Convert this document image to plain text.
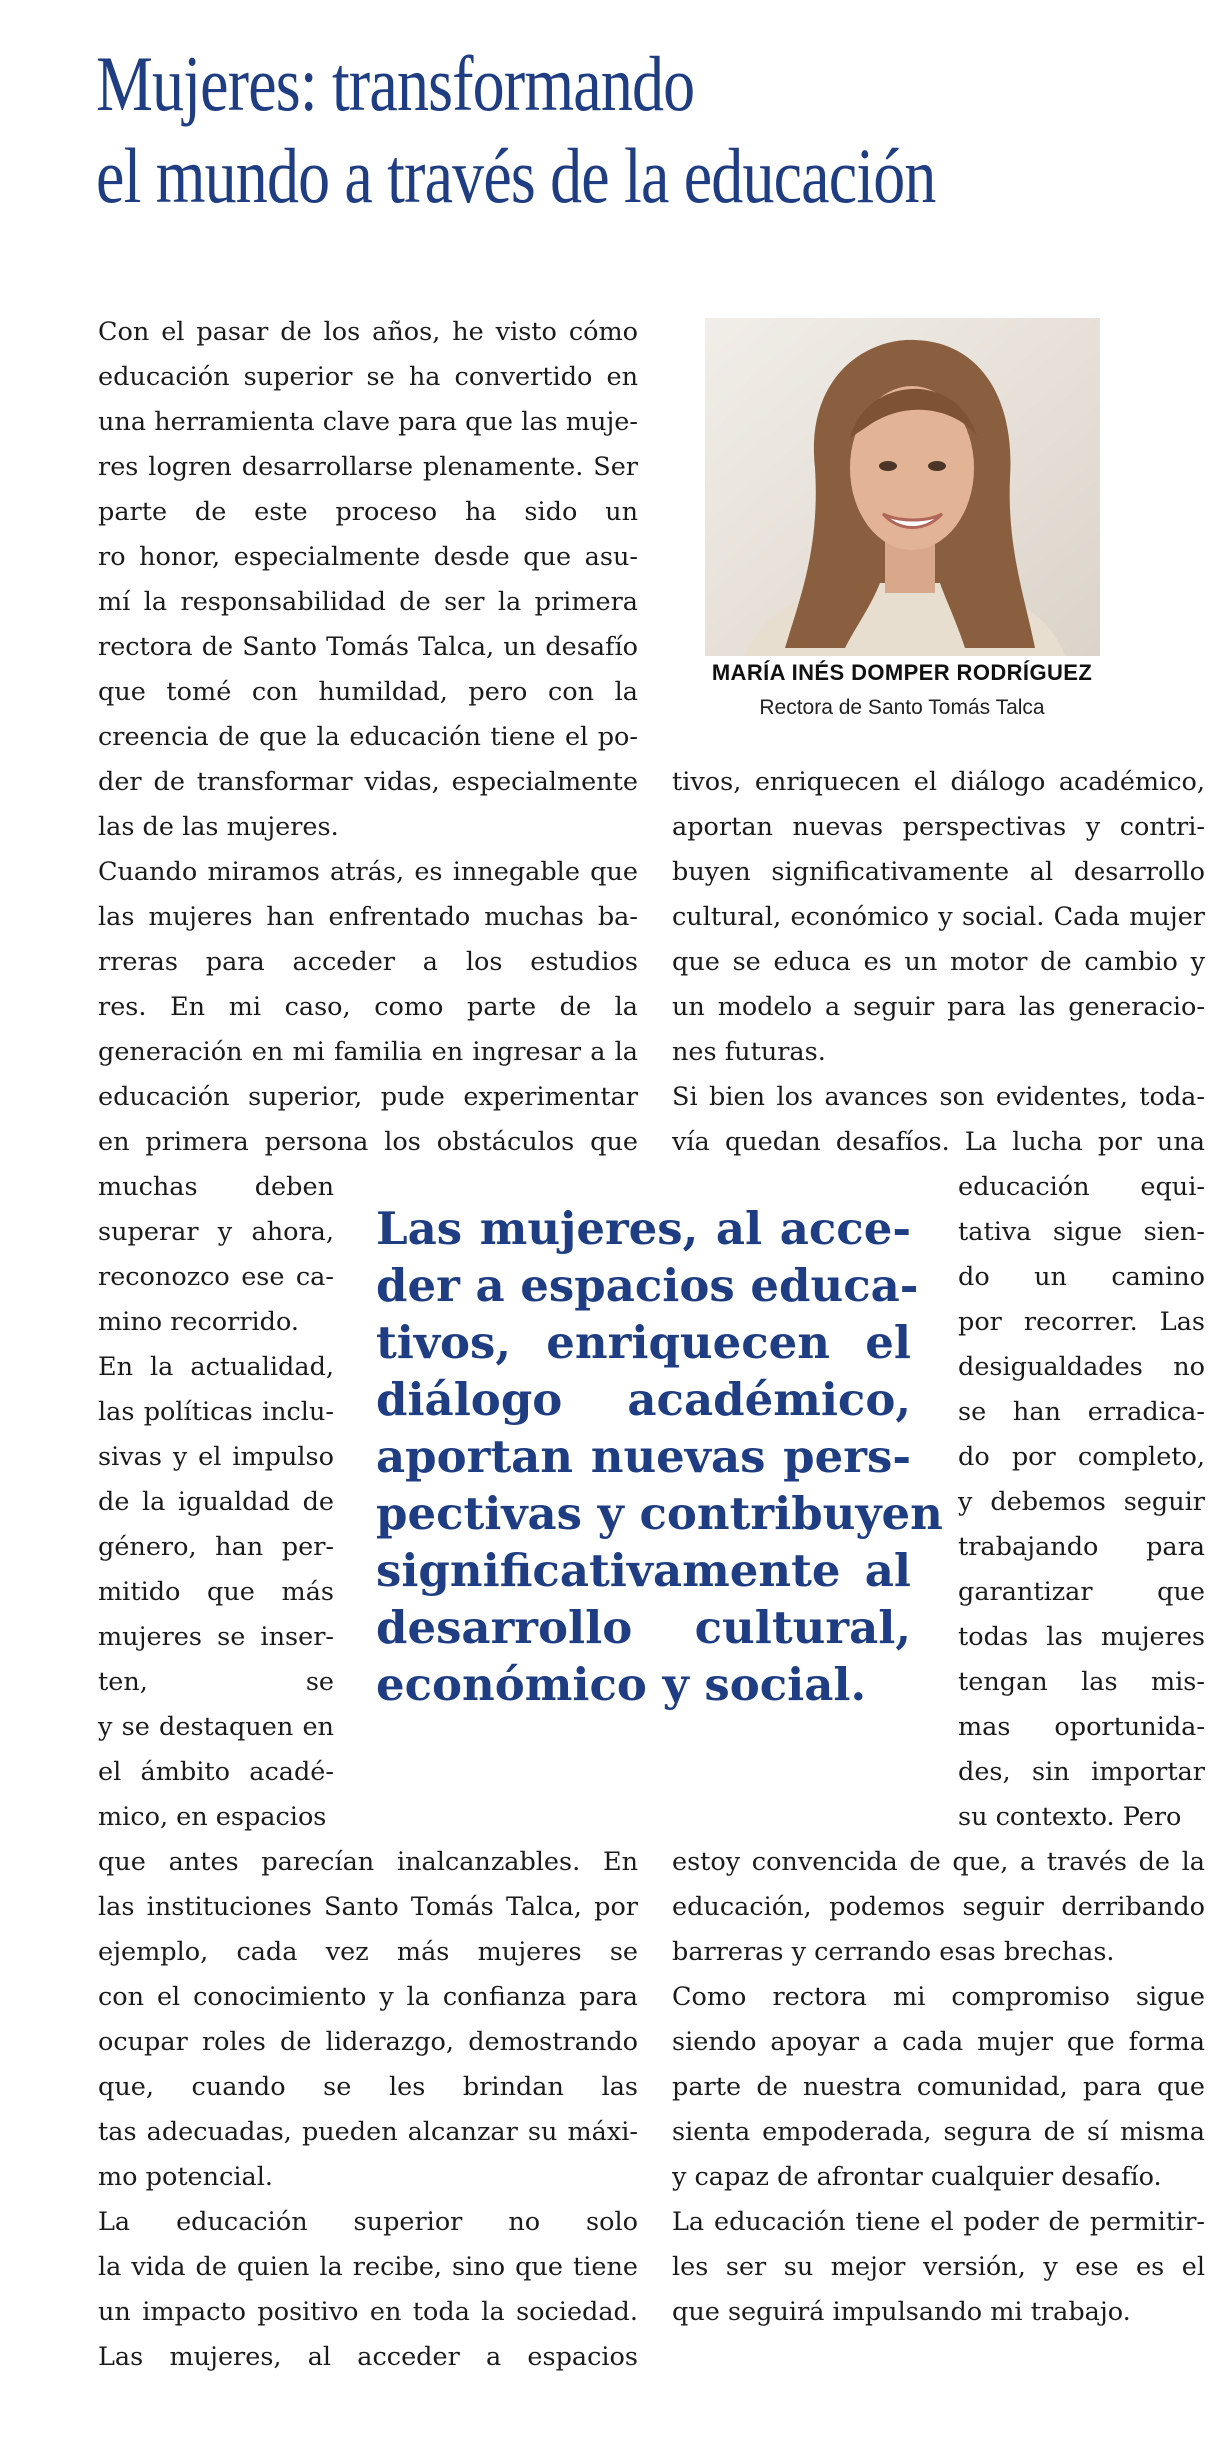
Mujeres: transformando
el mundo a través de la educación
MARÍA INÉS DOMPER RODRÍGUEZ
Rectora de Santo Tomás Talca
Con el pasar de los años, he visto cómo
educación superior se ha convertido en
una herramienta clave para que las muje-
res logren desarrollarse plenamente. Ser
parte de este proceso ha sido un
ro honor, especialmente desde que asu-
mí la responsabilidad de ser la primera
rectora de Santo Tomás Talca, un desafío
que tomé con humildad, pero con la
creencia de que la educación tiene el po-
der de transformar vidas, especialmente
las de las mujeres.
Cuando miramos atrás, es innegable que
las mujeres han enfrentado muchas ba-
rreras para acceder a los estudios
res. En mi caso, como parte de la
generación en mi familia en ingresar a la
educación superior, pude experimentar
en primera persona los obstáculos que
muchas deben
superar y ahora,
reconozco ese ca-
mino recorrido.
En la actualidad,
las políticas inclu-
sivas y el impulso
de la igualdad de
género, han per-
mitido que más
mujeres se inser-
ten, se
y se destaquen en
el ámbito acadé-
mico, en espacios
que antes parecían inalcanzables. En
las instituciones Santo Tomás Talca, por
ejemplo, cada vez más mujeres se
con el conocimiento y la confianza para
ocupar roles de liderazgo, demostrando
que, cuando se les brindan las
tas adecuadas, pueden alcanzar su máxi-
mo potencial.
La educación superior no solo
la vida de quien la recibe, sino que tiene
un impacto positivo en toda la sociedad.
Las mujeres, al acceder a espacios
tivos, enriquecen el diálogo académico,
aportan nuevas perspectivas y contri-
buyen significativamente al desarrollo
cultural, económico y social. Cada mujer
que se educa es un motor de cambio y
un modelo a seguir para las generacio-
nes futuras.
Si bien los avances son evidentes, toda-
vía quedan desafíos. La lucha por una
educación equi-
tativa sigue sien-
do un camino
por recorrer. Las
desigualdades no
se han erradica-
do por completo,
y debemos seguir
trabajando para
garantizar que
todas las mujeres
tengan las mis-
mas oportunida-
des, sin importar
su contexto. Pero
estoy convencida de que, a través de la
educación, podemos seguir derribando
barreras y cerrando esas brechas.
Como rectora mi compromiso sigue
siendo apoyar a cada mujer que forma
parte de nuestra comunidad, para que
sienta empoderada, segura de sí misma
y capaz de afrontar cualquier desafío.
La educación tiene el poder de permitir-
les ser su mejor versión, y ese es el
que seguirá impulsando mi trabajo.
Las mujeres, al acce-
der a espacios educa-
tivos, enriquecen el
diálogo académico,
aportan nuevas pers-
pectivas y contribuyen
significativamente al
desarrollo cultural,
económico y social.
